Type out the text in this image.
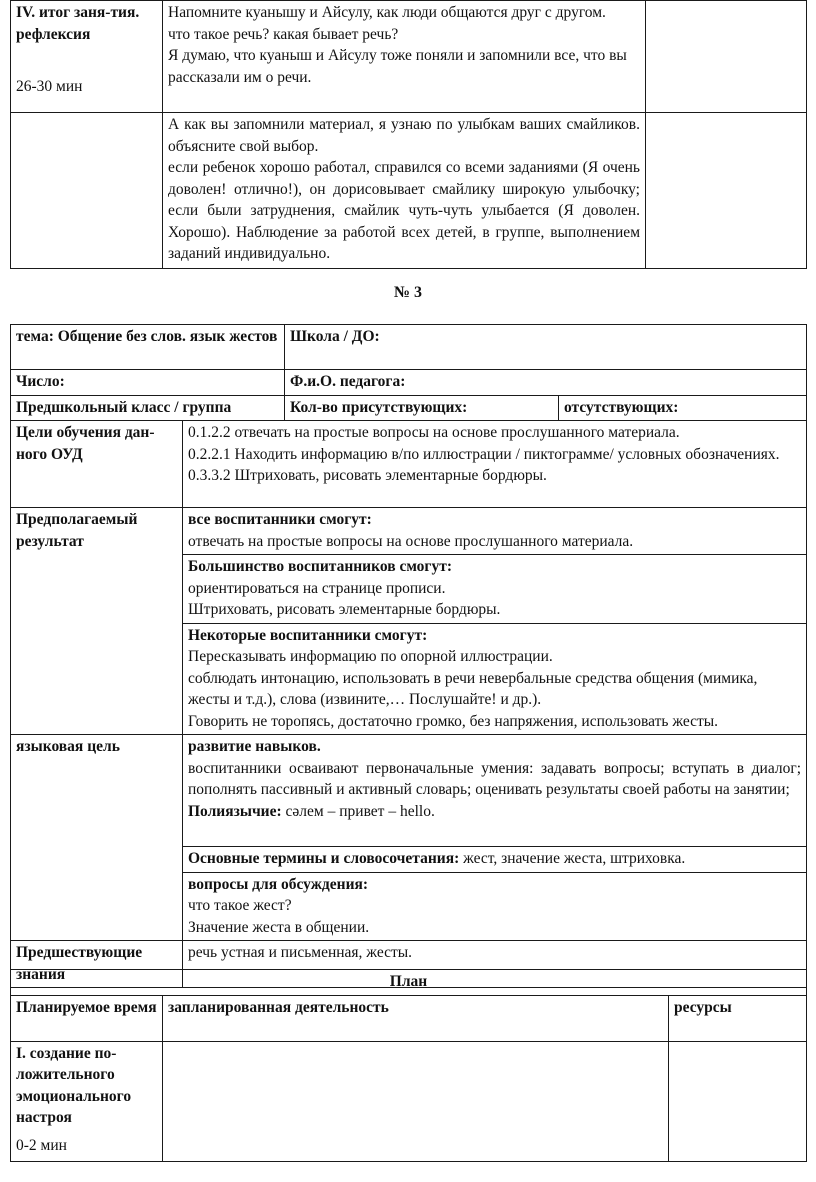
IV. итог заня-тия. рефлексия
26-30 мин	Напомните куанышу и Айсулу, как люди общаются друг с другом.
что такое речь? какая бывает речь?
Я думаю, что куаныш и Айсулу тоже поняли и запомнили все, что вы рассказали им о речи.	

	А как вы запомнили материал, я узнаю по улыбкам ваших смайликов. объясните свой выбор.
если ребенок хорошо работал, справился со всеми заданиями (Я очень доволен! отлично!), он дорисовывает смайлику широкую улыбочку; если были затруднения, смайлик чуть-чуть улыбается (Я доволен. Хорошо). Наблюдение за работой всех детей, в группе, выполнением заданий индивидуально.	

№ 3
тема: Общение без слов. язык жестов		Школа / ДО:	
Число:		Ф.и.О. педагога:	
Предшкольный класс / группа		Кол-во присутствующих:	отсутствующих:
Цели обучения дан-ного ОУД	0.1.2.2 отвечать на простые вопросы на основе прослушанного материала.
0.2.2.1 Находить информацию в/по иллюстрации / пиктограмме/ условных обозначениях.
0.3.3.2 Штриховать, рисовать элементарные бордюры.		

Предполагаемый результат	все воспитанники смогут:
отвечать на простые вопросы на основе прослушанного материала.		

	Большинство воспитанников смогут:
ориентироваться на странице прописи.
Штриховать, рисовать элементарные бордюры.		

	Некоторые воспитанники смогут:
Пересказывать информацию по опорной иллюстрации.
соблюдать интонацию, использовать в речи невербальные средства общения (мимика, жесты и т.д.), слова (извините,… Послушайте! и др.).
Говорить не торопясь, достаточно громко, без напряжения, использовать жесты.		

языковая цель	развитие навыков.
воспитанники осваивают первоначальные умения: задавать вопросы; вступать в диалог; пополнять пассивный и активный словарь; оценивать результаты своей работы на занятии;
Полиязычие: сәлем – привет – hello.		

	Основные термины и словосочетания: жест, значение жеста, штриховка.		

	вопросы для обсуждения:
что такое жест?
Значение жеста в общении.		

Предшествующие знания	речь устная и письменная, жесты.		
План		
Планируемое время	запланированная деятельность	ресурсы

I. создание по-ложительного эмоционального настроя
0-2 мин		
